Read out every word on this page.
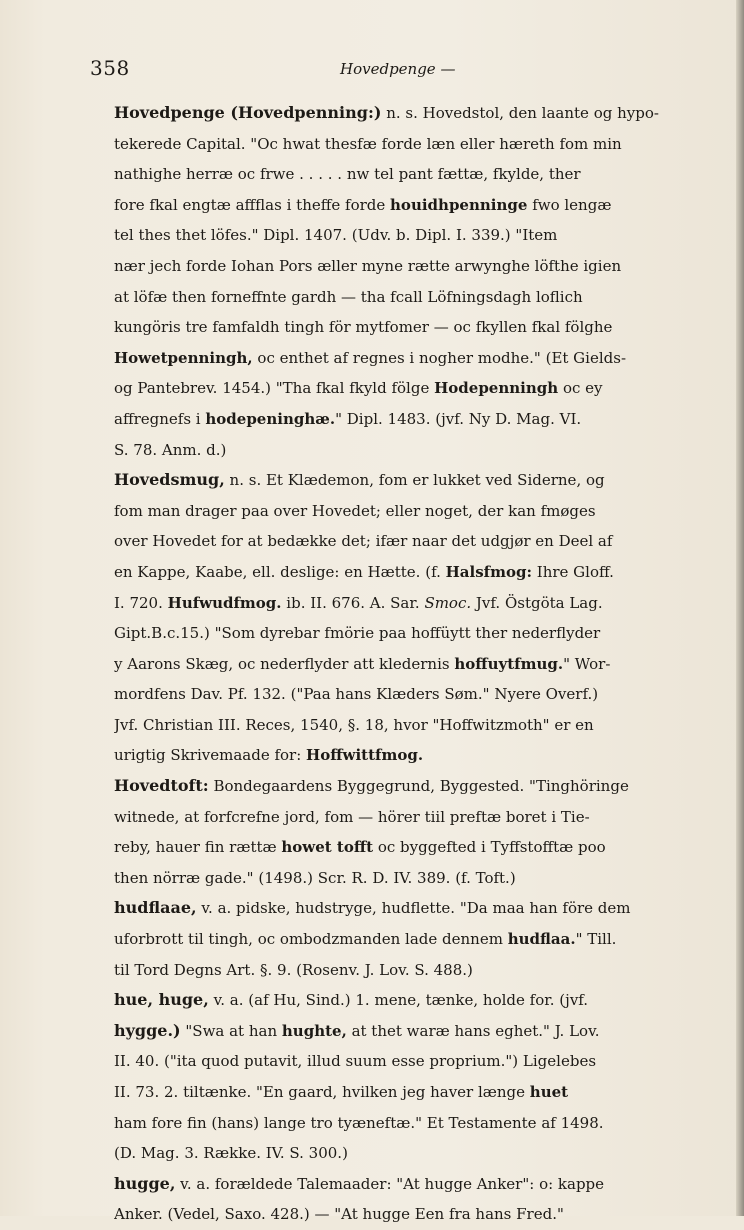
358	Hovedpenge —
Hovedpenge (Hovedpenning:) n. s. Hovedstol, den laante og hypo-
tekerede Capital. "Oc hwat thesfæ forde læn eller hæreth fom min
nathighe herræ oc frwe . . . . . nw tel pant fættæ, fkylde, ther
fore fkal engtæ affflas i theffe forde houidhpenninge fwo lengæ
tel thes thet löfes." Dipl. 1407. (Udv. b. Dipl. I. 339.) "Item
nær jech forde Iohan Pors æller myne rætte arwynghe löfthe igien
at löfæ then forneffnte gardh — tha fcall Löfningsdagh loflich
kungöris tre famfaldh tingh för mytfomer — oc fkyllen fkal fölghe
Howetpenningh, oc enthet af regnes i nogher modhe." (Et Gields-
og Pantebrev. 1454.) "Tha fkal fkyld fölge Hodepenningh oc ey
affregnefs i hodepeninghæ." Dipl. 1483. (jvf. Ny D. Mag. VI.
S. 78. Anm. d.)
Hovedsmug, n. s. Et Klædemon, fom er lukket ved Siderne, og
fom man drager paa over Hovedet; eller noget, der kan fmøges
over Hovedet for at bedække det; ifær naar det udgjør en Deel af
en Kappe, Kaabe, ell. deslige: en Hætte. (f. Halsfmog: Ihre Gloff.
I. 720. Hufwudfmog. ib. II. 676. A. Sar. Smoc. Jvf. Östgöta Lag.
Gipt.B.c.15.) "Som dyrebar fmörie paa hoffüytt ther nederflyder
y Aarons Skæg, oc nederflyder att kledernis hoffuytfmug." Wor-
mordfens Dav. Pf. 132. ("Paa hans Klæders Søm." Nyere Overf.)
Jvf. Christian III. Reces, 1540, §. 18, hvor "Hoffwitzmoth" er en
urigtig Skrivemaade for: Hoffwittfmog.
Hovedtoft: Bondegaardens Byggegrund, Byggested. "Tinghöringe
witnede, at forfcrefne jord, fom — hörer tiil preftæ boret i Tie-
reby, hauer fin rættæ howet tofft oc byggefted i Tyffstofftæ poo
then nörræ gade." (1498.) Scr. R. D. IV. 389. (f. Toft.)
hudflaae, v. a. pidske, hudstryge, hudflette. "Da maa han före dem
uforbrott til tingh, oc ombodzmanden lade dennem hudflaa." Till.
til Tord Degns Art. §. 9. (Rosenv. J. Lov. S. 488.)
hue, huge, v. a. (af Hu, Sind.) 1. mene, tænke, holde for. (jvf.
hygge.) "Swa at han hughte, at thet waræ hans eghet." J. Lov.
II. 40. ("ita quod putavit, illud suum esse proprium.") Ligelebes
II. 73. 2. tiltænke. "En gaard, hvilken jeg haver længe huet
ham fore fin (hans) lange tro tyæneftæ." Et Testamente af 1498.
(D. Mag. 3. Række. IV. S. 300.)
hugge, v. a. forældede Talemaader: "At hugge Anker": o: kappe
Anker. (Vedel, Saxo. 428.) — "At hugge Een fra hans Fred."
